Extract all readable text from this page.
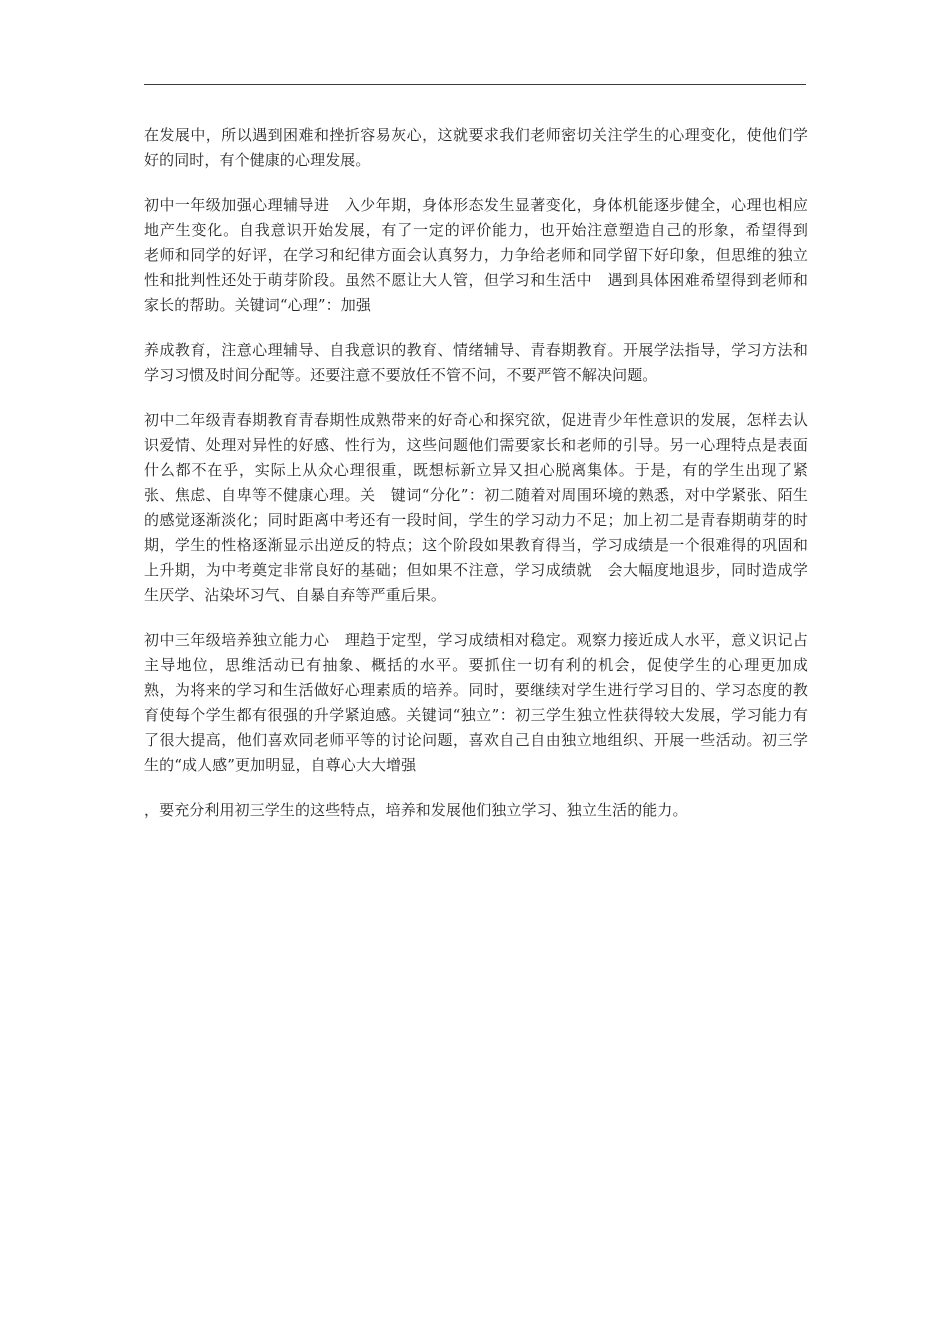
在发展中，所以遇到困难和挫折容易灰心，这就要求我们老师密切关注学生的心理变化，使他们学好的同时，有个健康的心理发展。

初中一年级加强心理辅导进　入少年期，身体形态发生显著变化，身体机能逐步健全，心理也相应地产生变化。自我意识开始发展，有了一定的评价能力，也开始注意塑造自己的形象，希望得到　老师和同学的好评，在学习和纪律方面会认真努力，力争给老师和同学留下好印象，但思维的独立性和批判性还处于萌芽阶段。虽然不愿让大人管，但学习和生活中　遇到具体困难希望得到老师和家长的帮助。关键词“心理”：加强

养成教育，注意心理辅导、自我意识的教育、情绪辅导、青春期教育。开展学法指导，学习方法和学习习惯及时间分配等。还要注意不要放任不管不问，不要严管不解决问题。

初中二年级青春期教育青春期性成熟带来的好奇心和探究欲，促进青少年性意识的发展，怎样去认识爱情、处理对异性的好感、性行为，这些问题他们需要家长和老师的引导。另一心理特点是表面什么都不在乎，实际上从众心理很重，既想标新立异又担心脱离集体。于是，有的学生出现了紧张、焦虑、自卑等不健康心理。关　键词“分化”：初二随着对周围环境的熟悉，对中学紧张、陌生的感觉逐渐淡化；同时距离中考还有一段时间，学生的学习动力不足；加上初二是青春期萌芽的时　期，学生的性格逐渐显示出逆反的特点；这个阶段如果教育得当，学习成绩是一个很难得的巩固和上升期，为中考奠定非常良好的基础；但如果不注意，学习成绩就　会大幅度地退步，同时造成学生厌学、沾染坏习气、自暴自弃等严重后果。

初中三年级培养独立能力心　理趋于定型，学习成绩相对稳定。观察力接近成人水平，意义识记占主导地位，思维活动已有抽象、概括的水平。要抓住一切有利的机会，促使学生的心理更加成　熟，为将来的学习和生活做好心理素质的培养。同时，要继续对学生进行学习目的、学习态度的教育使每个学生都有很强的升学紧迫感。关键词“独立”：初三学生独立性获得较大发展，学习能力有了很大提高，他们喜欢同老师平等的讨论问题，喜欢自己自由独立地组织、开展一些活动。初三学生的“成人感”更加明显，自尊心大大增强

，要充分利用初三学生的这些特点，培养和发展他们独立学习、独立生活的能力。
